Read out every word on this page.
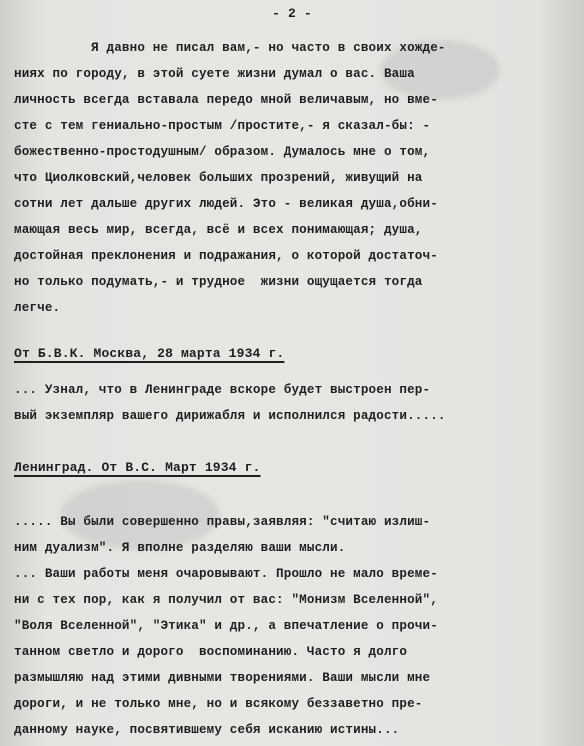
- 2 -
Я давно не писал вам,- но часто в своих хожде-
ниях по городу, в этой суете жизни думал о вас. Ваша
личность всегда вставала передо мной величавым, но вме-
сте с тем гениально-простым /простите,- я сказал-бы: -
божественно-простодушным/ образом. Думалось мне о том,
что Циолковский,человек больших прозрений, живущий на
сотни лет дальше других людей. Это - великая душа,обни-
мающая весь мир, всегда, всё и всех понимающая; душа,
достойная преклонения и подражания, о которой достаточ-
но только подумать,- и трудное  жизни ощущается тогда
легче.
От Б.В.К. Москва, 28 марта 1934 г.
... Узнал, что в Ленинграде вскоре будет выстроен пер-
вый экземпляр вашего дирижабля и исполнился радости.....
Ленинград. От В.С. Март 1934 г.
..... Вы были совершенно правы,заявляя: "считаю излиш-
ним дуализм". Я вполне разделяю ваши мысли.
... Ваши работы меня очаровывают. Прошло не мало време-
ни с тех пор, как я получил от вас: "Монизм Вселенной",
"Воля Вселенной", "Этика" и др., а впечатление о прочи-
танном светло и дорого  воспоминанию. Часто я долго
размышляю над этими дивными творениями. Ваши мысли мне
дороги, и не только мне, но и всякому беззаветно пре-
данному науке, посвятившему себя исканию истины...
